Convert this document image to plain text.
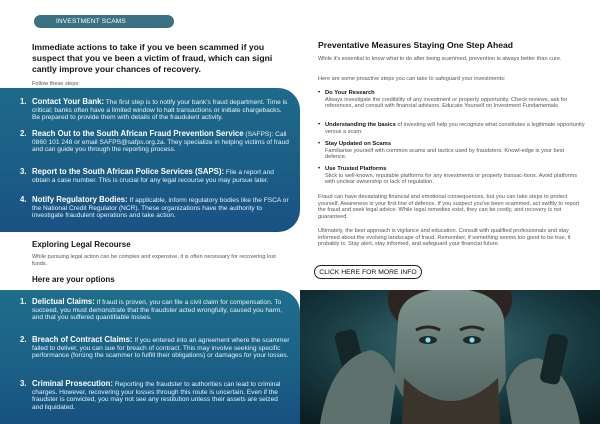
INVESTMENT SCAMS
Immediate actions to take if you ve been scammed if you suspect that you ve been a victim of fraud, which can signi cantly improve your chances of recovery.
Follow these steps:
1. Contact Your Bank: The first step is to notify your bank's fraud department. Time is critical; banks often have a limited window to halt transactions or initiate chargebacks. Be prepared to provide them with details of the fraudulent activity.
2. Reach Out to the South African Fraud Prevention Service (SAFPS): Call 0860 101 248 or email SAFPS@safps.org.za. They specialize in helping victims of fraud and can guide you through the reporting process.
3. Report to the South African Police Services (SAPS): File a report and obtain a case number. This is crucial for any legal recourse you may pursue later.
4. Notify Regulatory Bodies: If applicable, inform regulatory bodies like the FSCA or the National Credit Regulator (NCR). These organizations have the authority to investigate fraudulent operations and take action.
Exploring Legal Recourse
While pursuing legal action can be complex and expensive, it is often necessary for recovering lost funds.
Here are your options
1. Delictual Claims: If fraud is proven, you can file a civil claim for compensation. To succeed, you must demonstrate that the fraudster acted wrongfully, caused you harm, and that you suffered quantifiable losses.
2. Breach of Contract Claims: If you entered into an agreement where the scammer failed to deliver, you can sue for breach of contract. This may involve seeking specific performance (forcing the scammer to fulfill their obligations) or damages for your losses.
3. Criminal Prosecution: Reporting the fraudster to authorities can lead to criminal charges. However, recovering your losses through this route is uncertain. Even if the fraudster is convicted, you may not see any restitution unless their assets are seized and liquidated.
Preventative Measures Staying One Step Ahead
While it's essential to know what to do after being scammed, prevention is always better than cure.
Here are some proactive steps you can take to safeguard your investments:
• Do Your Research
Always investigate the credibility of any investment or property opportunity. Check reviews, ask for references, and consult with financial advisors. Educate Yourself on Investment Fundamentals
• Understanding the basics of investing will help you recognize what constitutes a legitimate opportunity versus a scam.
• Stay Updated on Scams
Familiarise yourself with common scams and tactics used by fraudsters. Knowl-edge is your best defence.
• Use Trusted Platforms
Stick to well-known, reputable platforms for any investments or property transac-tions. Avoid platforms with unclear ownership or lack of regulation.
Fraud can have devastating financial and emotional consequences, but you can take steps to protect yourself. Awareness is your first line of defence. If you suspect you've been scammed, act swiftly to report the fraud and seek legal advice. While legal remedies exist, they can be costly, and recovery is not guaranteed.
Ultimately, the best approach is vigilance and education. Consult with qualified professionals and stay informed about the evolving landscape of fraud. Remember, if something seems too good to be true, it probably is. Stay alert, stay informed, and safeguard your financial future.
CLICK HERE FOR MORE INFO
